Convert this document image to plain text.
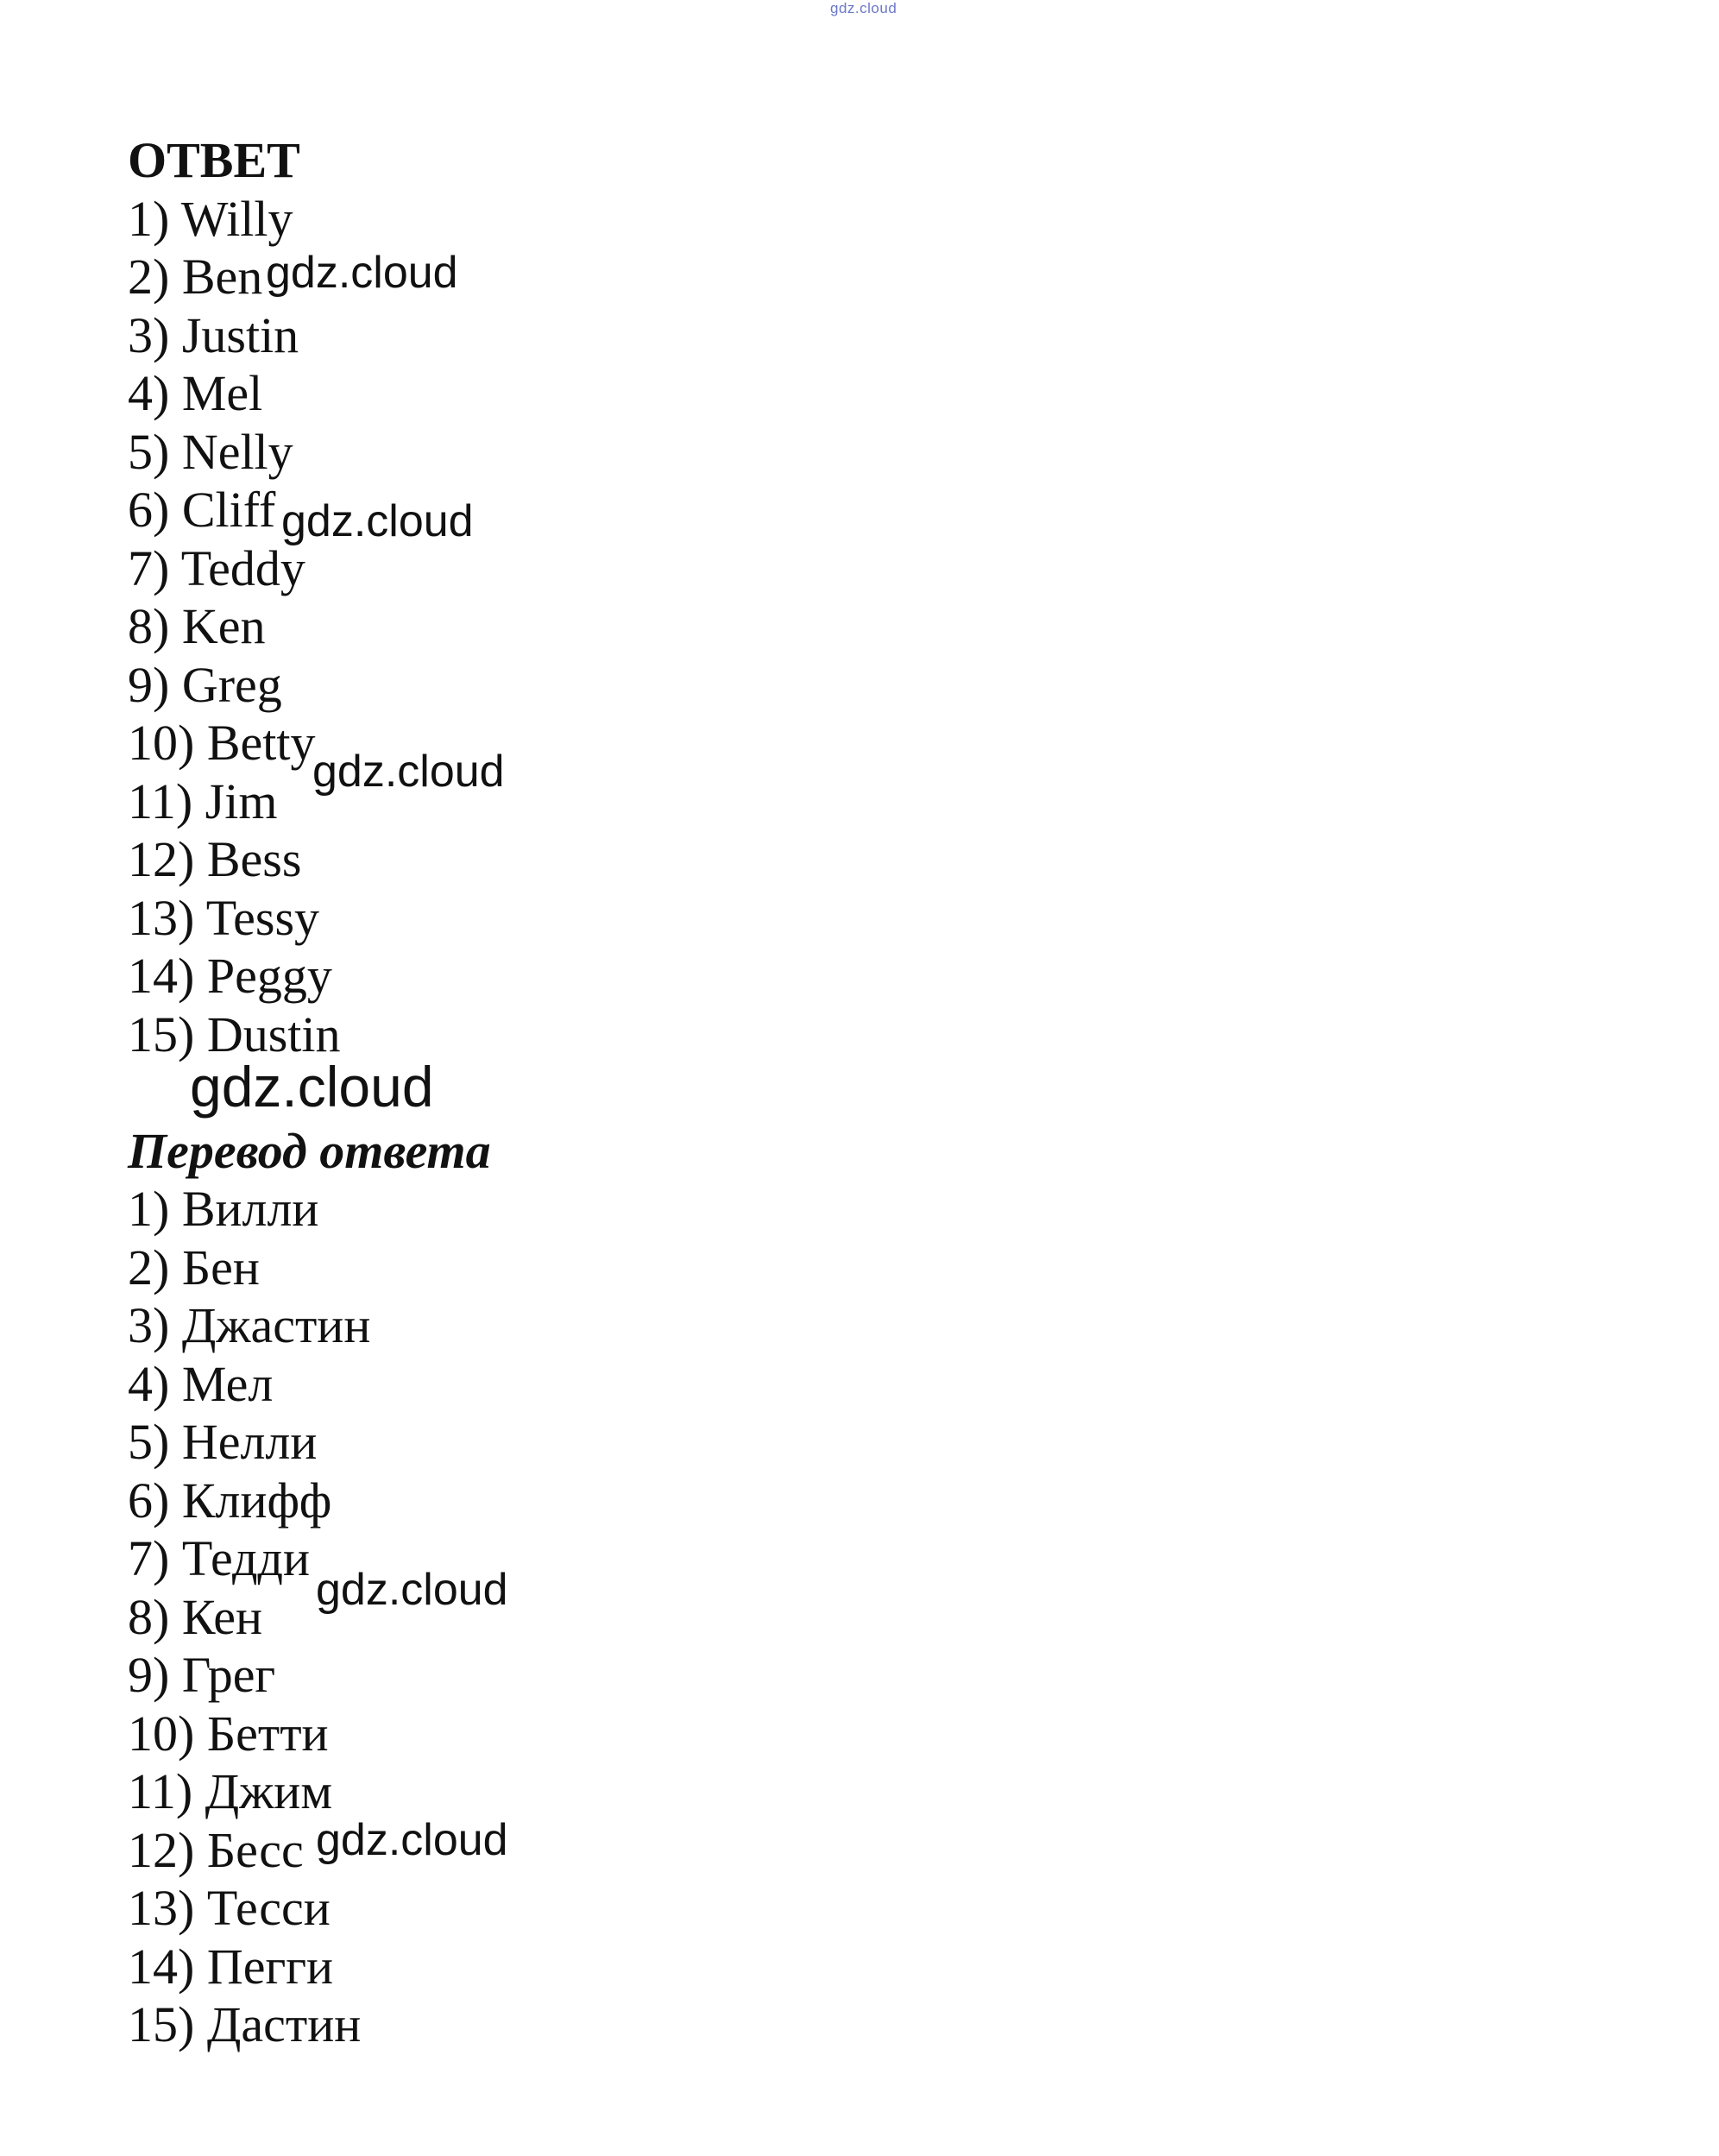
gdz.cloud
ОТВЕТ
1) Willy
2) Ben
3) Justin
4) Mel
5) Nelly
6) Cliff
7) Teddy
8) Ken
9) Greg
10) Betty
11) Jim
12) Bess
13) Tessy
14) Peggy
15) Dustin
Перевод ответа
1) Вилли
2) Бен
3) Джастин
4) Мел
5) Нелли
6) Клифф
7) Тедди
8) Кен
9) Грег
10) Бетти
11) Джим
12) Бесс
13) Тесси
14) Пегги
15) Дастин
gdz.cloud
gdz.cloud
gdz.cloud
gdz.cloud
gdz.cloud
gdz.cloud
